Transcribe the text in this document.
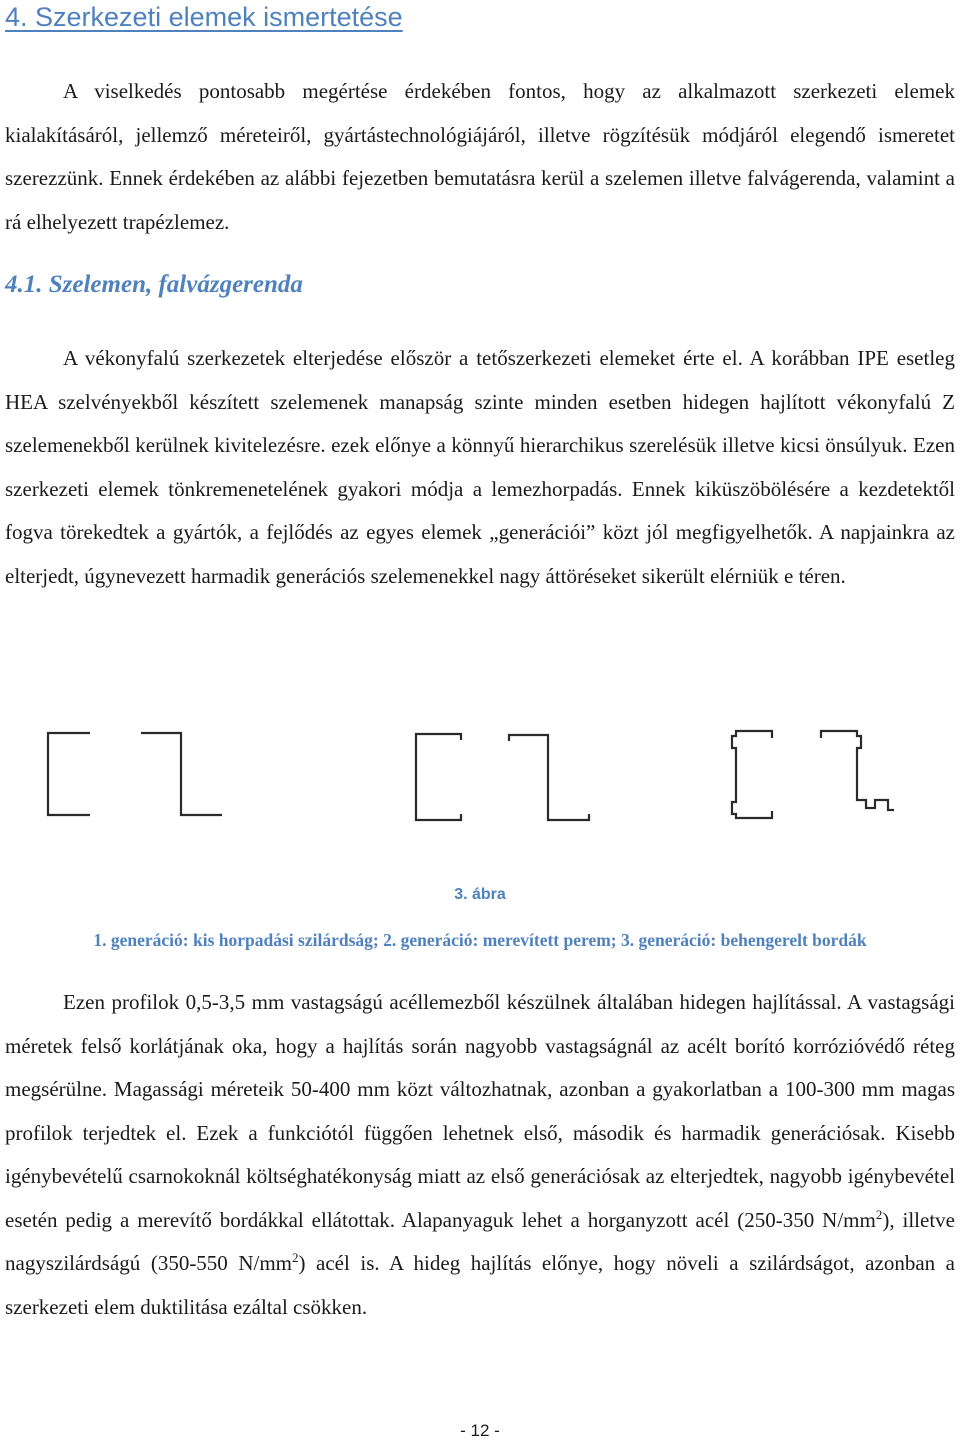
4. Szerkezeti elemek ismertetése

A viselkedés pontosabb megértése érdekében fontos, hogy az alkalmazott szerkezeti elemek kialakításáról, jellemző méreteiről, gyártástechnológiájáról, illetve rögzítésük módjáról elegendő ismeretet szerezzünk. Ennek érdekében az alábbi fejezetben bemutatásra kerül a szelemen illetve falvágerenda, valamint a rá elhelyezett trapézlemez.

4.1. Szelemen, falvázgerenda

A vékonyfalú szerkezetek elterjedése először a tetőszerkezeti elemeket érte el. A korábban IPE esetleg HEA szelvényekből készített szelemenek manapság szinte minden esetben hidegen hajlított vékonyfalú Z szelemenekből kerülnek kivitelezésre. ezek előnye a könnyű hierarchikus szerelésük illetve kicsi önsúlyuk. Ezen szerkezeti elemek tönkremenetelének gyakori módja a lemezhorpadás. Ennek kiküszöbölésére a kezdetektől fogva törekedtek a gyártók, a fejlődés az egyes elemek „generációi” közt jól megfigyelhetők. A napjainkra az elterjedt, úgynevezett harmadik generációs szelemenekkel nagy áttöréseket sikerült elérniük e téren.

3. ábra
1. generáció: kis horpadási szilárdság; 2. generáció: merevített perem; 3. generáció: behengerelt bordák

Ezen profilok 0,5-3,5 mm vastagságú acéllemezből készülnek általában hidegen hajlítással. A vastagsági méretek felső korlátjának oka, hogy a hajlítás során nagyobb vastagságnál az acélt borító korrózióvédő réteg megsérülne. Magassági méreteik 50-400 mm közt változhatnak, azonban a gyakorlatban a 100-300 mm magas profilok terjedtek el. Ezek a funkciótól függően lehetnek első, második és harmadik generációsak. Kisebb igénybevételű csarnokoknál költséghatékonyság miatt az első generációsak az elterjedtek, nagyobb igénybevétel esetén pedig a merevítő bordákkal ellátottak. Alapanyaguk lehet a horganyzott acél (250-350 $N/mm^2$), illetve nagyszilárdságú (350-550 $N/mm^2$) acél is. A hideg hajlítás előnye, hogy növeli a szilárdságot, azonban a szerkezeti elem duktilitása ezáltal csökken.

- 12 -
